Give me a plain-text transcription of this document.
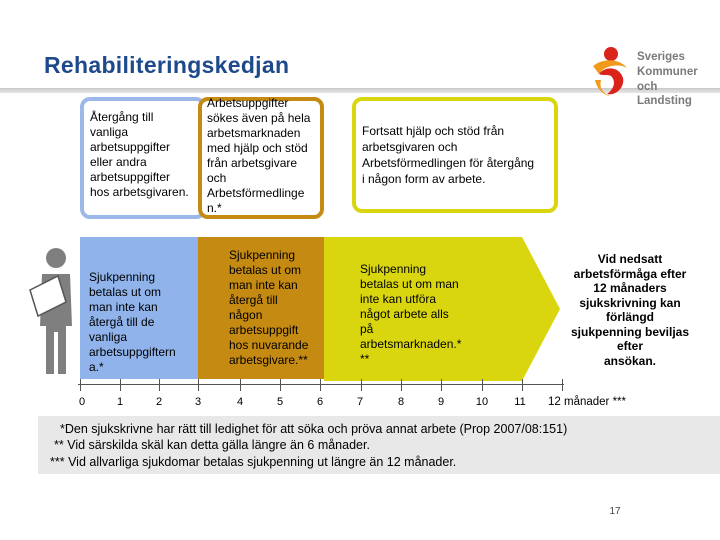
Rehabiliteringskedjan	Sveriges
Kommuner
och Landsting
Återgång till
vanliga
arbetsuppgifter
eller andra
arbetsuppgifter
hos arbetsgivaren.
Arbetsuppgifter
sökes även på hela
arbetsmarknaden
med hjälp och stöd
från arbetsgivare
och
Arbetsförmedlinge
n.*
Fortsatt hjälp och stöd från
arbetsgivaren och
Arbetsförmedlingen för återgång
i någon form av arbete.
Sjukpenning
betalas ut om
man inte kan
återgå till de
vanliga
arbetsuppgiftern
a.*
Sjukpenning
betalas ut om
man inte kan
återgå till
någon
arbetsuppgift
hos nuvarande
arbetsgivare.**
Sjukpenning
betalas ut om man
inte kan utföra
något arbete alls
på
arbetsmarknaden.*
**
Vid nedsatt
arbetsförmåga efter
12 månaders
sjukskrivning kan
förlängd
sjukpenning beviljas
efter
ansökan.
0	1	2	3	4	5	6	7	8	9	10	11	12 månader ***
*Den sjukskrivne har rätt till ledighet för att söka och pröva annat arbete (Prop 2007/08:151)
** Vid särskilda skäl kan detta gälla längre än 6 månader.
*** Vid allvarliga sjukdomar betalas sjukpenning ut längre än 12 månader.
17
